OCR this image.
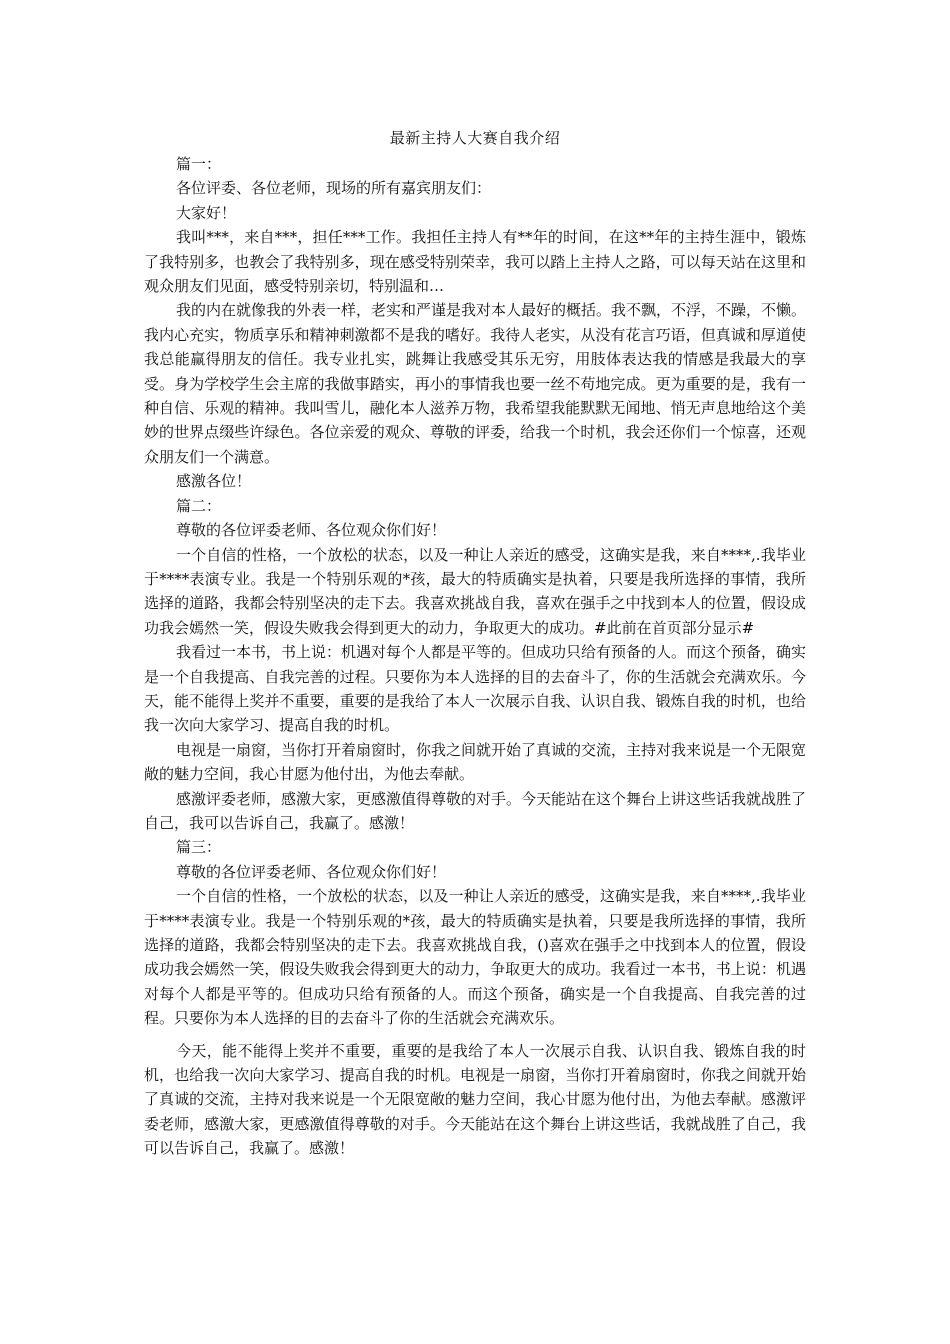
最新主持人大赛自我介绍

篇一：

各位评委、各位老师，现场的所有嘉宾朋友们：

大家好！

我叫***，来自***，担任***工作。我担任主持人有**年的时间，在这**年的主持生涯中，锻炼了我特别多，也教会了我特别多，现在感受特别荣幸，我可以踏上主持人之路，可以每天站在这里和观众朋友们见面，感受特别亲切，特别温和…

我的内在就像我的外表一样，老实和严谨是我对本人最好的概括。我不飘，不浮，不躁，不懒。我内心充实，物质享乐和精神刺激都不是我的嗜好。我待人老实，从没有花言巧语，但真诚和厚道使我总能赢得朋友的信任。我专业扎实，跳舞让我感受其乐无穷，用肢体表达我的情感是我最大的享受。身为学校学生会主席的我做事踏实，再小的事情我也要一丝不苟地完成。更为重要的是，我有一种自信、乐观的精神。我叫雪儿，融化本人滋养万物，我希望我能默默无闻地、悄无声息地给这个美妙的世界点缀些许绿色。各位亲爱的观众、尊敬的评委，给我一个时机，我会还你们一个惊喜，还观众朋友们一个满意。

感激各位！

篇二：

尊敬的各位评委老师、各位观众你们好！

一个自信的性格，一个放松的状态，以及一种让人亲近的感受，这确实是我，来自****,.我毕业于****表演专业。我是一个特别乐观的*孩，最大的特质确实是执着，只要是我所选择的事情，我所选择的道路，我都会特别坚决的走下去。我喜欢挑战自我，喜欢在强手之中找到本人的位置，假设成功我会嫣然一笑，假设失败我会得到更大的动力，争取更大的成功。#此前在首页部分显示#

我看过一本书，书上说：机遇对每个人都是平等的。但成功只给有预备的人。而这个预备，确实是一个自我提高、自我完善的过程。只要你为本人选择的目的去奋斗了，你的生活就会充满欢乐。今天，能不能得上奖并不重要，重要的是我给了本人一次展示自我、认识自我、锻炼自我的时机，也给我一次向大家学习、提高自我的时机。

电视是一扇窗，当你打开着扇窗时，你我之间就开始了真诚的交流，主持对我来说是一个无限宽敞的魅力空间，我心甘愿为他付出，为他去奉献。

感激评委老师，感激大家，更感激值得尊敬的对手。今天能站在这个舞台上讲这些话我就战胜了自己，我可以告诉自己，我赢了。感激！

篇三：

尊敬的各位评委老师、各位观众你们好！

一个自信的性格，一个放松的状态，以及一种让人亲近的感受，这确实是我，来自****,.我毕业于****表演专业。我是一个特别乐观的*孩，最大的特质确实是执着，只要是我所选择的事情，我所选择的道路，我都会特别坚决的走下去。我喜欢挑战自我，()喜欢在强手之中找到本人的位置，假设成功我会嫣然一笑，假设失败我会得到更大的动力，争取更大的成功。我看过一本书，书上说：机遇对每个人都是平等的。但成功只给有预备的人。而这个预备，确实是一个自我提高、自我完善的过程。只要你为本人选择的目的去奋斗了你的生活就会充满欢乐。

今天，能不能得上奖并不重要，重要的是我给了本人一次展示自我、认识自我、锻炼自我的时机，也给我一次向大家学习、提高自我的时机。电视是一扇窗，当你打开着扇窗时，你我之间就开始了真诚的交流，主持对我来说是一个无限宽敞的魅力空间，我心甘愿为他付出，为他去奉献。感激评委老师，感激大家，更感激值得尊敬的对手。今天能站在这个舞台上讲这些话，我就战胜了自己，我可以告诉自己，我赢了。感激！
